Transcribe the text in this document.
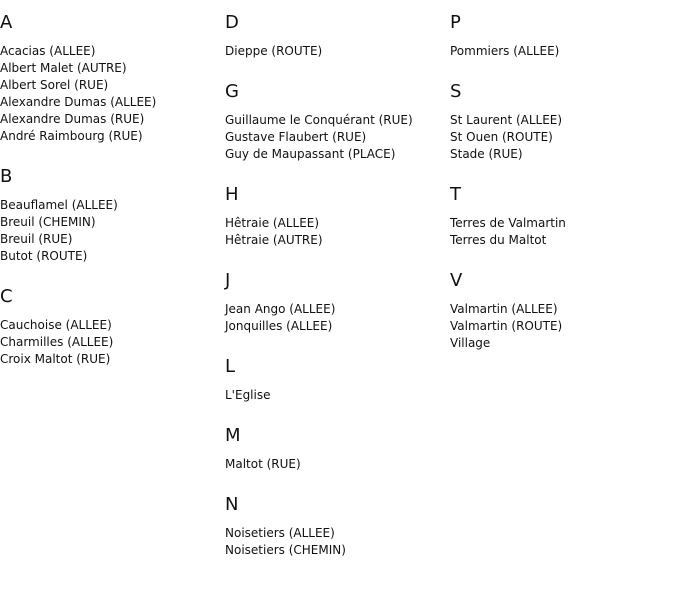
A
Acacias (ALLEE)
Albert Malet (AUTRE)
Albert Sorel (RUE)
Alexandre Dumas (ALLEE)
Alexandre Dumas (RUE)
André Raimbourg (RUE)
B
Beauflamel (ALLEE)
Breuil (CHEMIN)
Breuil (RUE)
Butot (ROUTE)
C
Cauchoise (ALLEE)
Charmilles (ALLEE)
Croix Maltot (RUE)
D
Dieppe (ROUTE)
G
Guillaume le Conquérant (RUE)
Gustave Flaubert (RUE)
Guy de Maupassant (PLACE)
H
Hêtraie (ALLEE)
Hêtraie (AUTRE)
J
Jean Ango (ALLEE)
Jonquilles (ALLEE)
L
L'Eglise
M
Maltot (RUE)
N
Noisetiers (ALLEE)
Noisetiers (CHEMIN)
P
Pommiers (ALLEE)
S
St Laurent (ALLEE)
St Ouen (ROUTE)
Stade (RUE)
T
Terres de Valmartin
Terres du Maltot
V
Valmartin (ALLEE)
Valmartin (ROUTE)
Village
